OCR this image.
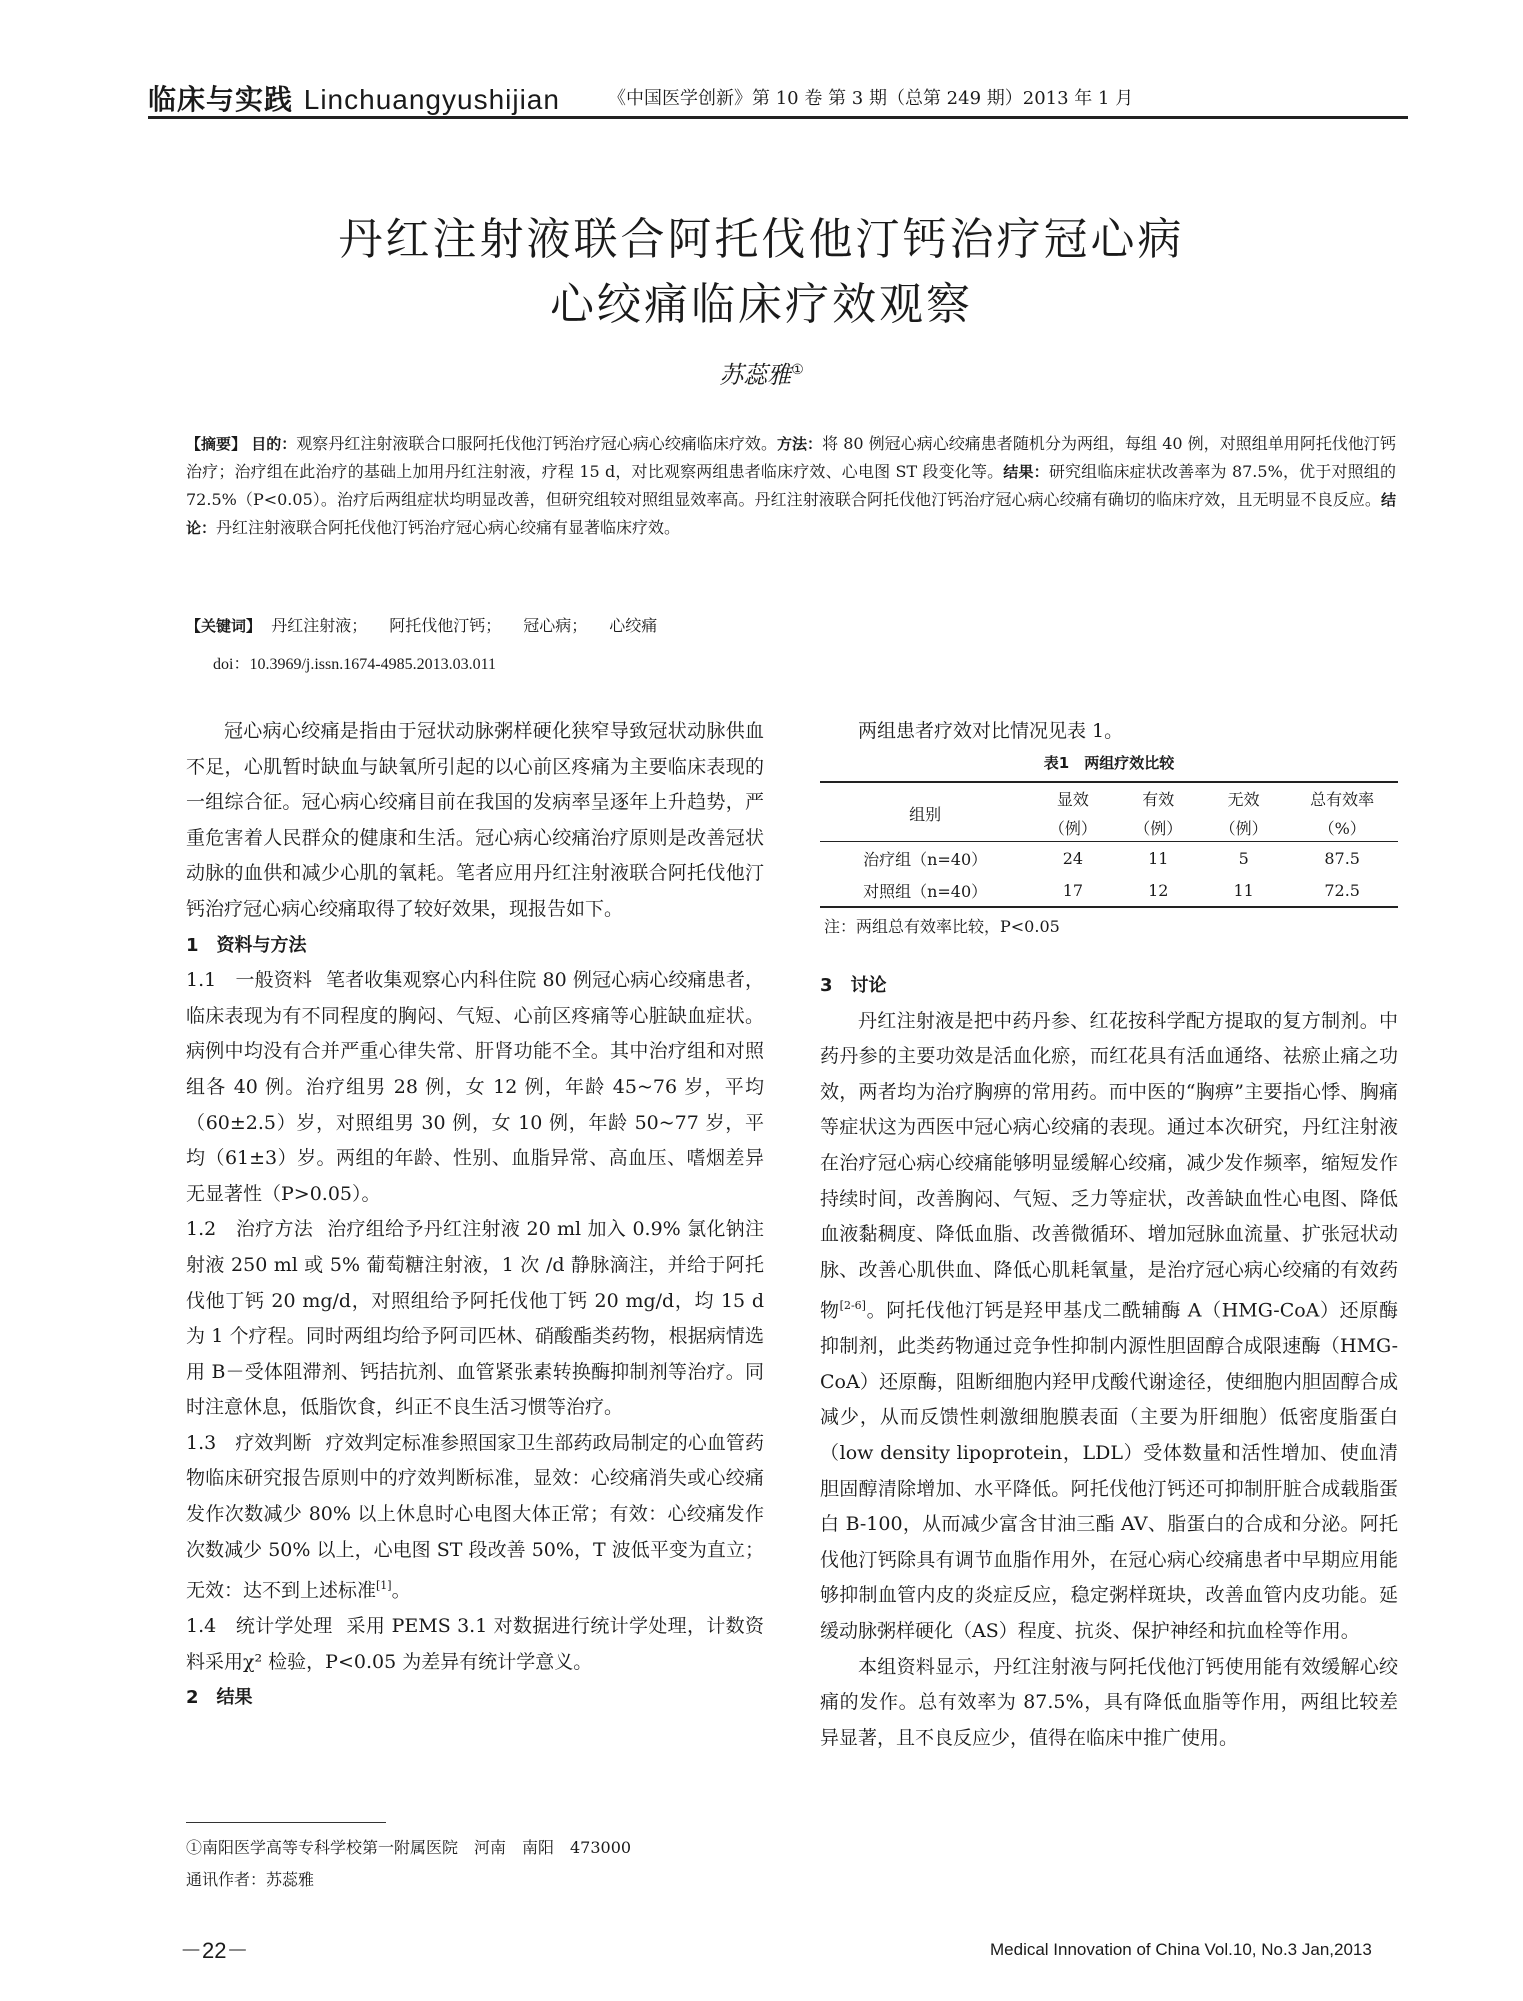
临床与实践 Linchuangyushijian	《中国医学创新》第 10 卷 第 3 期（总第 249 期）2013 年 1 月
丹红注射液联合阿托伐他汀钙治疗冠心病
心绞痛临床疗效观察
苏蕊雅①
【摘要】 目的：观察丹红注射液联合口服阿托伐他汀钙治疗冠心病心绞痛临床疗效。方法：将 80 例冠心病心绞痛患者随机分为两组，每组 40 例，对照组单用阿托伐他汀钙治疗；治疗组在此治疗的基础上加用丹红注射液，疗程 15 d，对比观察两组患者临床疗效、心电图 ST 段变化等。结果：研究组临床症状改善率为 87.5%，优于对照组的 72.5%（P<0.05）。治疗后两组症状均明显改善，但研究组较对照组显效率高。丹红注射液联合阿托伐他汀钙治疗冠心病心绞痛有确切的临床疗效，且无明显不良反应。结论：丹红注射液联合阿托伐他汀钙治疗冠心病心绞痛有显著临床疗效。
【关键词】 丹红注射液； 阿托伐他汀钙； 冠心病； 心绞痛
doi：10.3969/j.issn.1674-4985.2013.03.011

冠心病心绞痛是指由于冠状动脉粥样硬化狭窄导致冠状动脉供血不足，心肌暂时缺血与缺氧所引起的以心前区疼痛为主要临床表现的一组综合征。冠心病心绞痛目前在我国的发病率呈逐年上升趋势，严重危害着人民群众的健康和生活。冠心病心绞痛治疗原则是改善冠状动脉的血供和减少心肌的氧耗。笔者应用丹红注射液联合阿托伐他汀钙治疗冠心病心绞痛取得了较好效果，现报告如下。

1　资料与方法

1.1　一般资料 笔者收集观察心内科住院 80 例冠心病心绞痛患者，临床表现为有不同程度的胸闷、气短、心前区疼痛等心脏缺血症状。病例中均没有合并严重心律失常、肝肾功能不全。其中治疗组和对照组各 40 例。治疗组男 28 例，女 12 例，年龄 45~76 岁，平均（60±2.5）岁，对照组男 30 例，女 10 例，年龄 50~77 岁，平均（61±3）岁。两组的年龄、性别、血脂异常、高血压、嗜烟差异无显著性（P>0.05）。

1.2　治疗方法 治疗组给予丹红注射液 20 ml 加入 0.9% 氯化钠注射液 250 ml 或 5% 葡萄糖注射液，1 次 /d 静脉滴注，并给于阿托伐他丁钙 20 mg/d，对照组给予阿托伐他丁钙 20 mg/d，均 15 d 为 1 个疗程。同时两组均给予阿司匹林、硝酸酯类药物，根据病情选用 B－受体阻滞剂、钙拮抗剂、血管紧张素转换酶抑制剂等治疗。同时注意休息，低脂饮食，纠正不良生活习惯等治疗。

1.3　疗效判断 疗效判定标准参照国家卫生部药政局制定的心血管药物临床研究报告原则中的疗效判断标准，显效：心绞痛消失或心绞痛发作次数减少 80% 以上休息时心电图大体正常；有效：心绞痛发作次数减少 50% 以上，心电图 ST 段改善 50%，T 波低平变为直立；无效：达不到上述标准[1]。

1.4　统计学处理 采用 PEMS 3.1 对数据进行统计学处理，计数资料采用χ² 检验，P<0.05 为差异有统计学意义。

2　结果

两组患者疗效对比情况见表 1。

表1　两组疗效比较
组别	显效	有效	无效	总有效率
	（例）	（例）	（例）	（%）
治疗组（n=40）	24	11	5	87.5
对照组（n=40）	17	12	11	72.5
注：两组总有效率比较，P<0.05

3　讨论

丹红注射液是把中药丹参、红花按科学配方提取的复方制剂。中药丹参的主要功效是活血化瘀，而红花具有活血通络、祛瘀止痛之功效，两者均为治疗胸痹的常用药。而中医的“胸痹”主要指心悸、胸痛等症状这为西医中冠心病心绞痛的表现。通过本次研究，丹红注射液在治疗冠心病心绞痛能够明显缓解心绞痛，减少发作频率，缩短发作持续时间，改善胸闷、气短、乏力等症状，改善缺血性心电图、降低血液黏稠度、降低血脂、改善微循环、增加冠脉血流量、扩张冠状动脉、改善心肌供血、降低心肌耗氧量，是治疗冠心病心绞痛的有效药物[2-6]。阿托伐他汀钙是羟甲基戊二酰辅酶 A（HMG-CoA）还原酶抑制剂，此类药物通过竞争性抑制内源性胆固醇合成限速酶（HMG-CoA）还原酶，阻断细胞内羟甲戊酸代谢途径，使细胞内胆固醇合成减少，从而反馈性刺激细胞膜表面（主要为肝细胞）低密度脂蛋白（low density lipoprotein，LDL）受体数量和活性增加、使血清胆固醇清除增加、水平降低。阿托伐他汀钙还可抑制肝脏合成载脂蛋白 B-100，从而减少富含甘油三酯 AV、脂蛋白的合成和分泌。阿托伐他汀钙除具有调节血脂作用外，在冠心病心绞痛患者中早期应用能够抑制血管内皮的炎症反应，稳定粥样斑块，改善血管内皮功能。延缓动脉粥样硬化（AS）程度、抗炎、保护神经和抗血栓等作用。

本组资料显示，丹红注射液与阿托伐他汀钙使用能有效缓解心绞痛的发作。总有效率为 87.5%，具有降低血脂等作用，两组比较差异显著，且不良反应少，值得在临床中推广使用。

①南阳医学高等专科学校第一附属医院　河南　南阳　473000
通讯作者：苏蕊雅
－22－	Medical Innovation of China Vol.10, No.3 Jan,2013
